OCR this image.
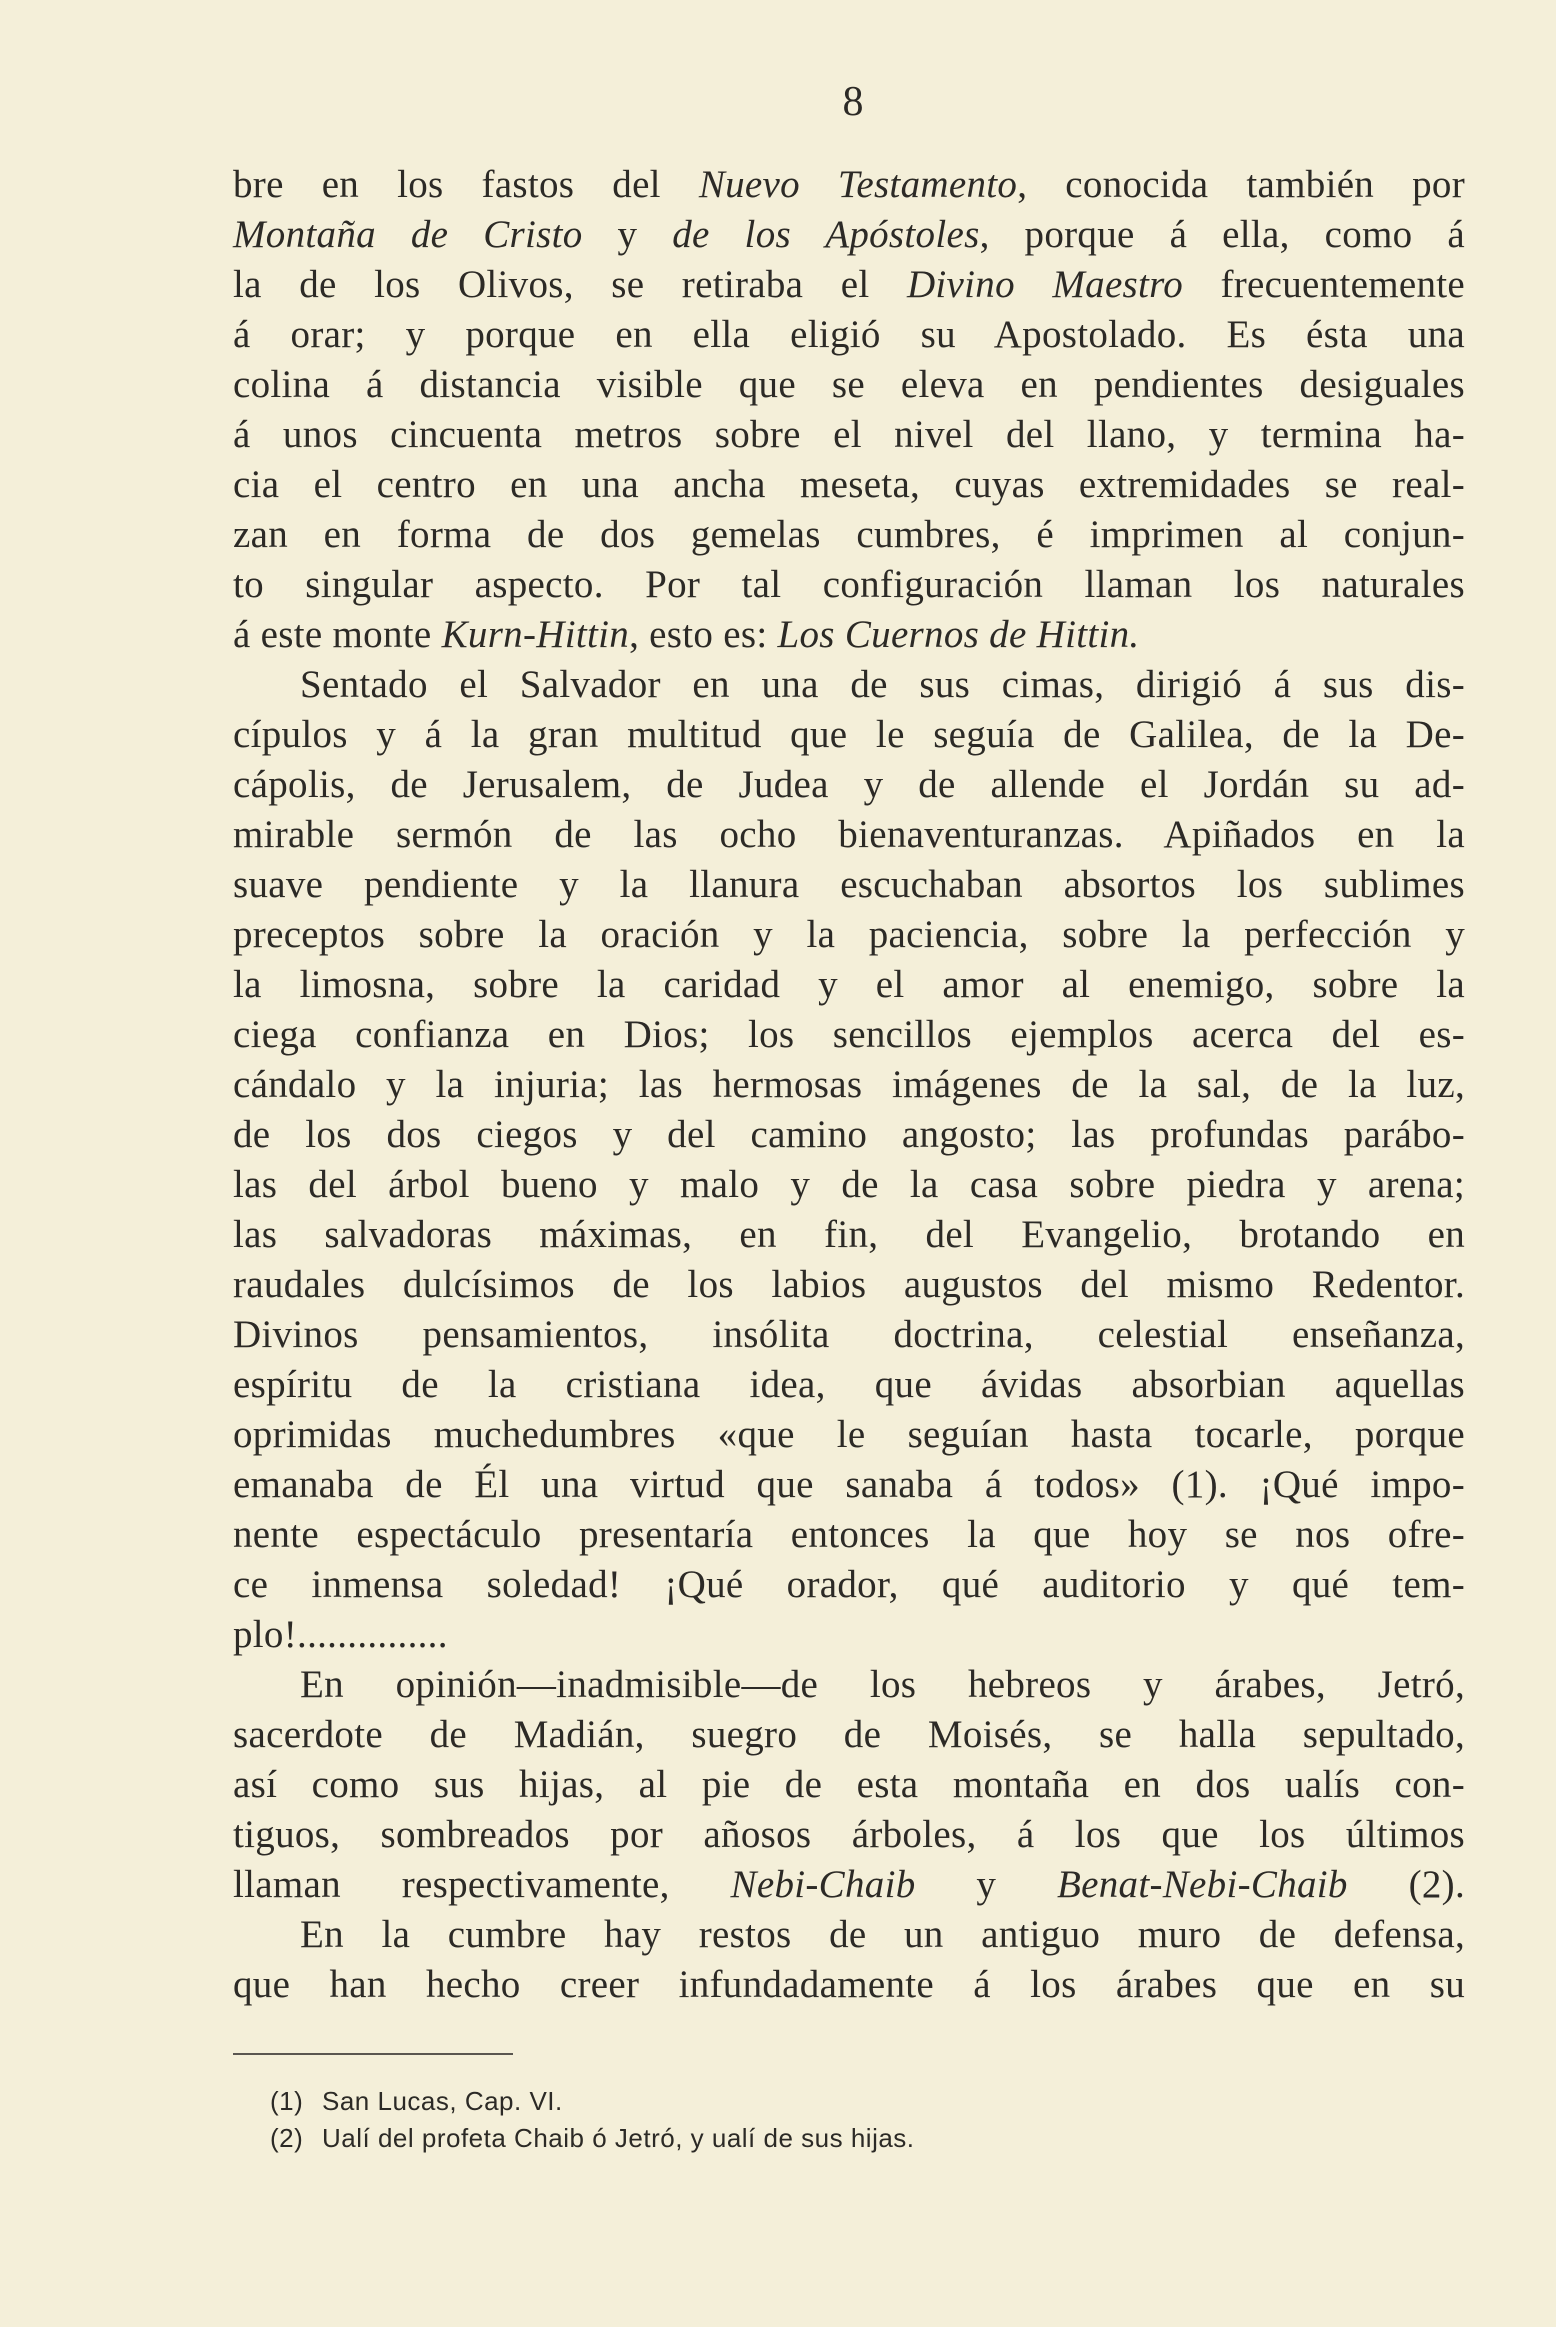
8
bre en los fastos del Nuevo Testamento, conocida también por
Montaña de Cristo y de los Apóstoles, porque á ella, como á
la de los Olivos, se retiraba el Divino Maestro frecuentemente
á orar; y porque en ella eligió su Apostolado. Es ésta una
colina á distancia visible que se eleva en pendientes desiguales
á unos cincuenta metros sobre el nivel del llano, y termina ha-
cia el centro en una ancha meseta, cuyas extremidades se real-
zan en forma de dos gemelas cumbres, é imprimen al conjun-
to singular aspecto. Por tal configuración llaman los naturales
á este monte Kurn-Hittin, esto es: Los Cuernos de Hittin.
Sentado el Salvador en una de sus cimas, dirigió á sus dis-
cípulos y á la gran multitud que le seguía de Galilea, de la De-
cápolis, de Jerusalem, de Judea y de allende el Jordán su ad-
mirable sermón de las ocho bienaventuranzas. Apiñados en la
suave pendiente y la llanura escuchaban absortos los sublimes
preceptos sobre la oración y la paciencia, sobre la perfección y
la limosna, sobre la caridad y el amor al enemigo, sobre la
ciega confianza en Dios; los sencillos ejemplos acerca del es-
cándalo y la injuria; las hermosas imágenes de la sal, de la luz,
de los dos ciegos y del camino angosto; las profundas parábo-
las del árbol bueno y malo y de la casa sobre piedra y arena;
las salvadoras máximas, en fin, del Evangelio, brotando en
raudales dulcísimos de los labios augustos del mismo Redentor.
Divinos pensamientos, insólita doctrina, celestial enseñanza,
espíritu de la cristiana idea, que ávidas absorbian aquellas
oprimidas muchedumbres «que le seguían hasta tocarle, porque
emanaba de Él una virtud que sanaba á todos» (1). ¡Qué impo-
nente espectáculo presentaría entonces la que hoy se nos ofre-
ce inmensa soledad! ¡Qué orador, qué auditorio y qué tem-
plo!...............
En opinión—inadmisible—de los hebreos y árabes, Jetró,
sacerdote de Madián, suegro de Moisés, se halla sepultado,
así como sus hijas, al pie de esta montaña en dos ualís con-
tiguos, sombreados por añosos árboles, á los que los últimos
llaman respectivamente, Nebi-Chaib y Benat-Nebi-Chaib (2).
En la cumbre hay restos de un antiguo muro de defensa,
que han hecho creer infundadamente á los árabes que en su
(1) San Lucas, Cap. VI.
(2) Ualí del profeta Chaib ó Jetró, y ualí de sus hijas.
